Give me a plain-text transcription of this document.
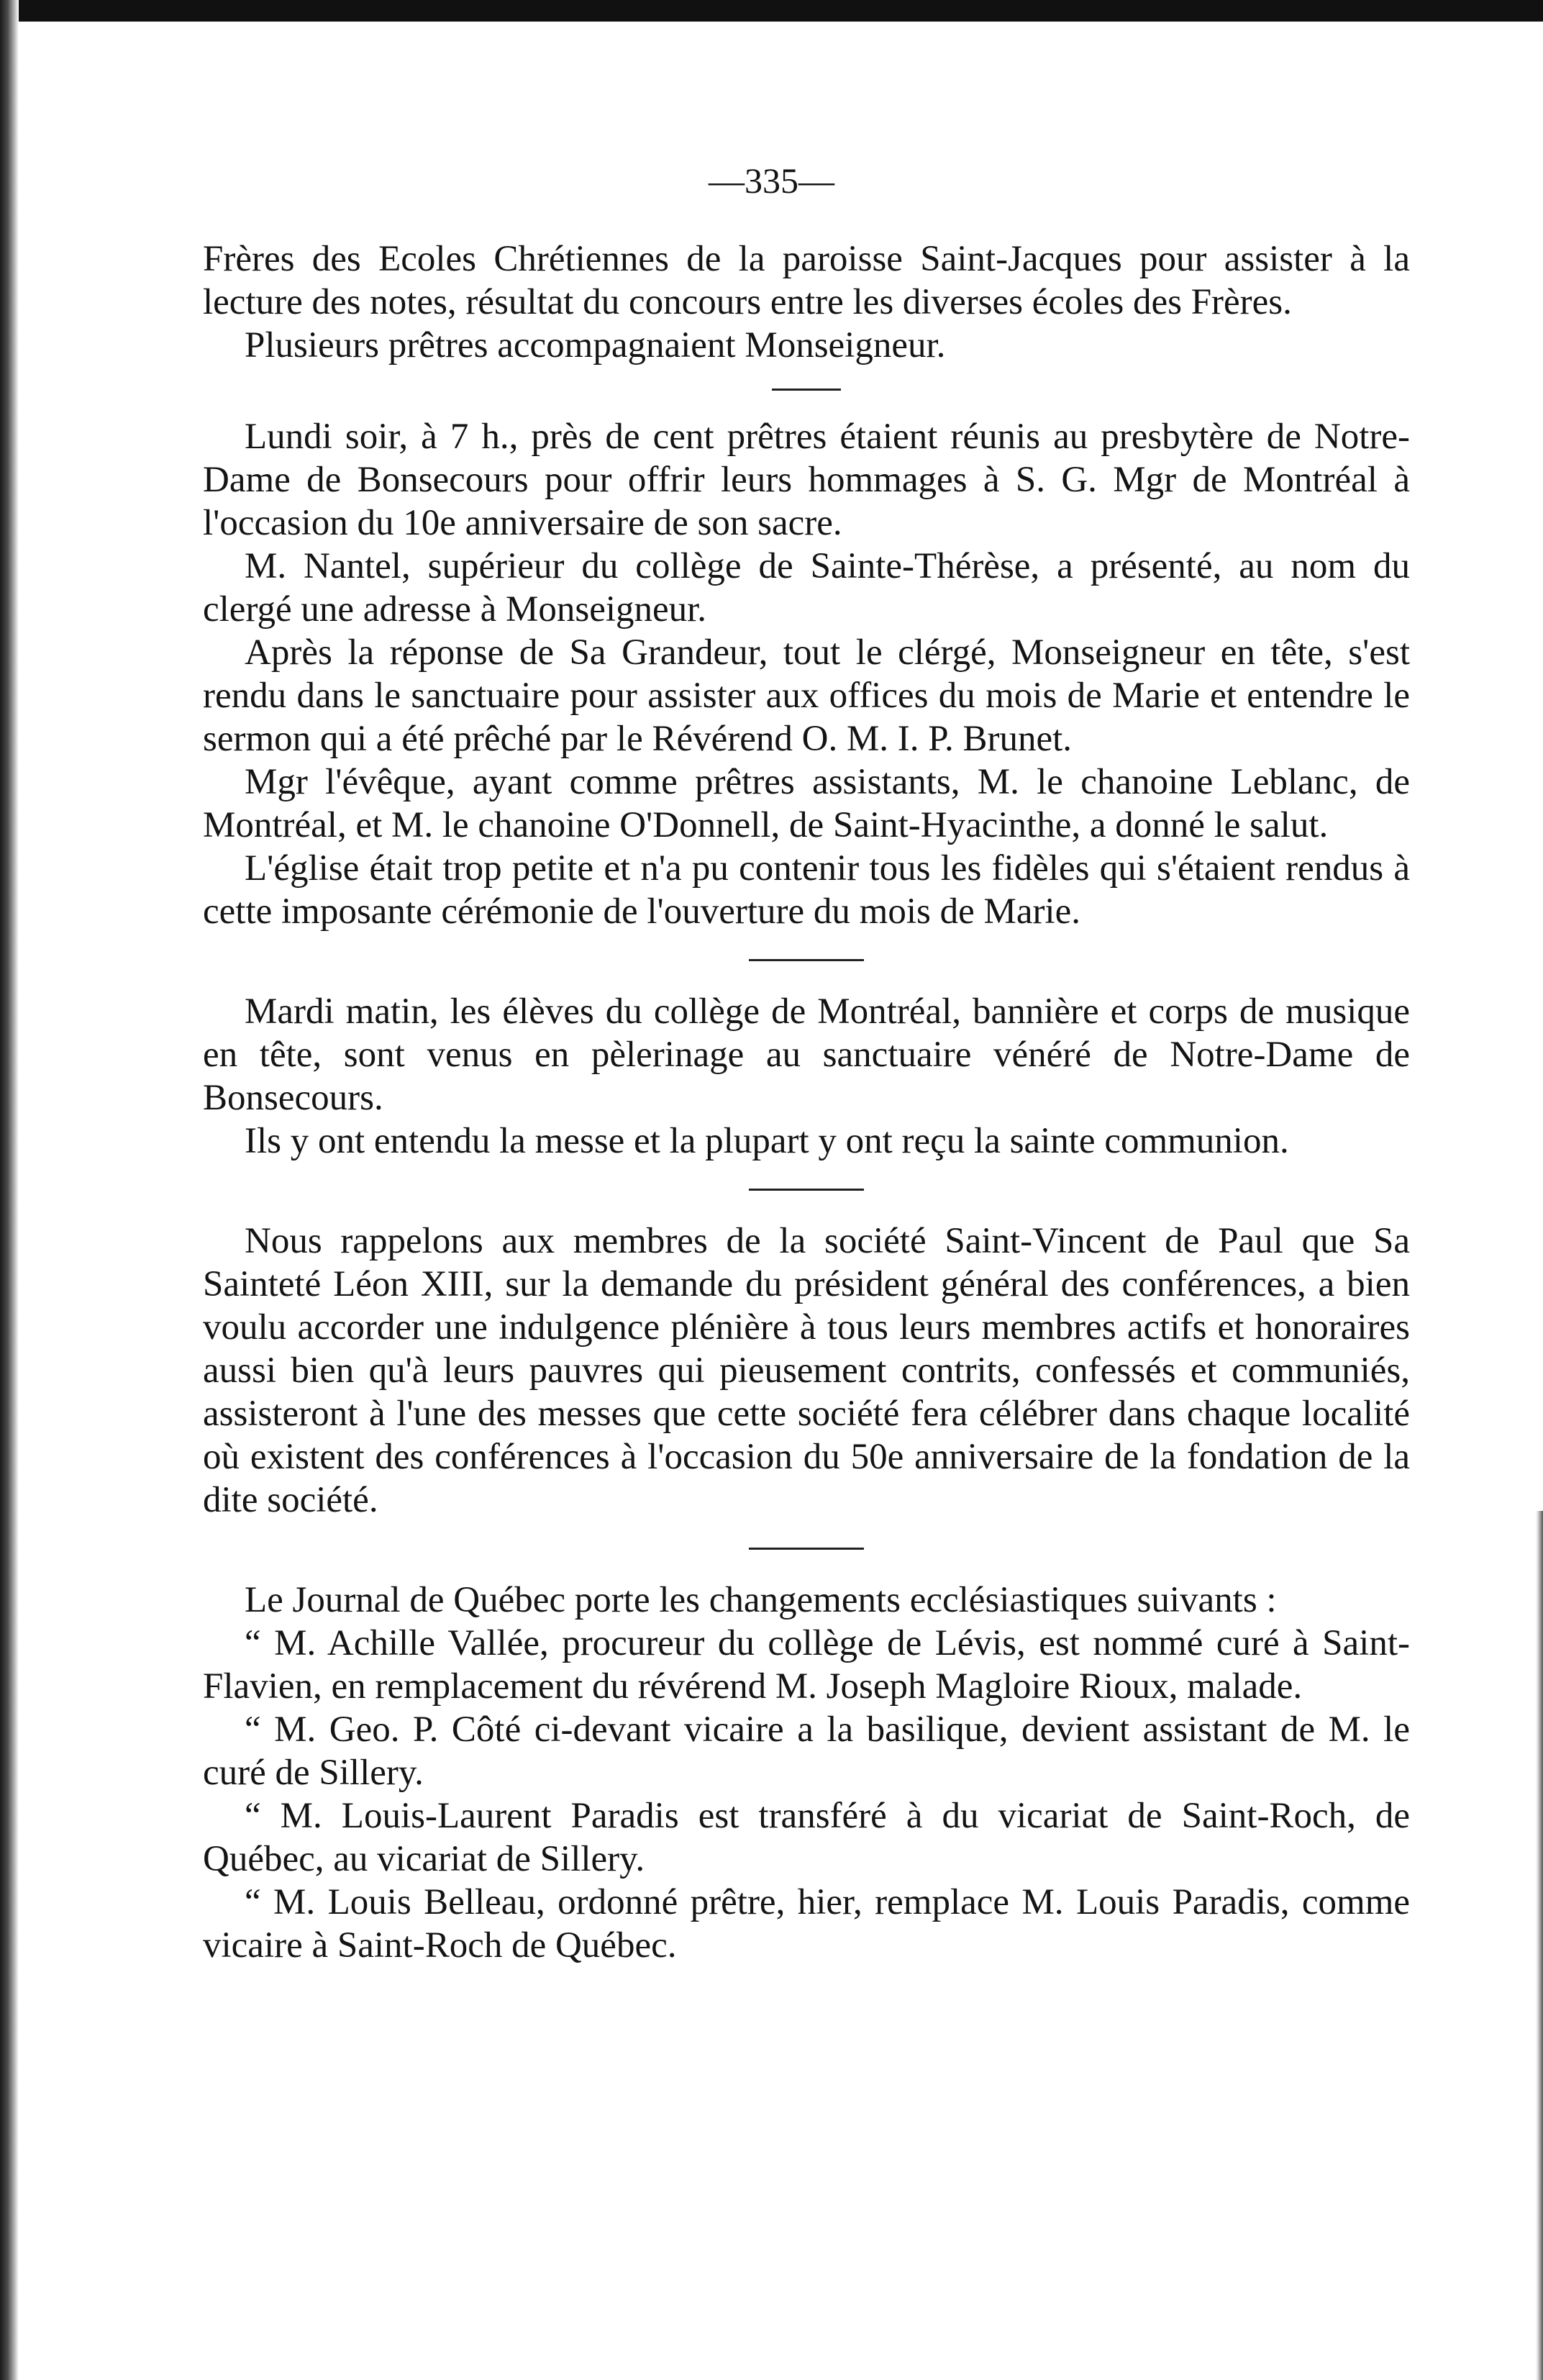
—335—

Frères des Ecoles Chrétiennes de la paroisse Saint-Jacques pour assister à la lecture des notes, résultat du concours entre les diverses écoles des Frères.

Plusieurs prêtres accompagnaient Monseigneur.

Lundi soir, à 7 h., près de cent prêtres étaient réunis au presbytère de Notre-Dame de Bonsecours pour offrir leurs hommages à S. G. Mgr de Montréal à l'occasion du 10e anniversaire de son sacre.

M. Nantel, supérieur du collège de Sainte-Thérèse, a présenté, au nom du clergé une adresse à Monseigneur.

Après la réponse de Sa Grandeur, tout le clérgé, Monseigneur en tête, s'est rendu dans le sanctuaire pour assister aux offices du mois de Marie et entendre le sermon qui a été prêché par le Révérend O. M. I. P. Brunet.

Mgr l'évêque, ayant comme prêtres assistants, M. le chanoine Leblanc, de Montréal, et M. le chanoine O'Donnell, de Saint-Hyacinthe, a donné le salut.

L'église était trop petite et n'a pu contenir tous les fidèles qui s'étaient rendus à cette imposante cérémonie de l'ouverture du mois de Marie.

Mardi matin, les élèves du collège de Montréal, bannière et corps de musique en tête, sont venus en pèlerinage au sanctuaire vénéré de Notre-Dame de Bonsecours.

Ils y ont entendu la messe et la plupart y ont reçu la sainte communion.

Nous rappelons aux membres de la société Saint-Vincent de Paul que Sa Sainteté Léon XIII, sur la demande du président général des conférences, a bien voulu accorder une indulgence plénière à tous leurs membres actifs et honoraires aussi bien qu'à leurs pauvres qui pieusement contrits, confessés et communiés, assisteront à l'une des messes que cette société fera célébrer dans chaque localité où existent des conférences à l'occasion du 50e anniversaire de la fondation de la dite société.

Le Journal de Québec porte les changements ecclésiastiques suivants :

“ M. Achille Vallée, procureur du collège de Lévis, est nommé curé à Saint-Flavien, en remplacement du révérend M. Joseph Magloire Rioux, malade.

“ M. Geo. P. Côté ci-devant vicaire a la basilique, devient assistant de M. le curé de Sillery.

“ M. Louis-Laurent Paradis est transféré à du vicariat de Saint-Roch, de Québec, au vicariat de Sillery.

“ M. Louis Belleau, ordonné prêtre, hier, remplace M. Louis Paradis, comme vicaire à Saint-Roch de Québec.
